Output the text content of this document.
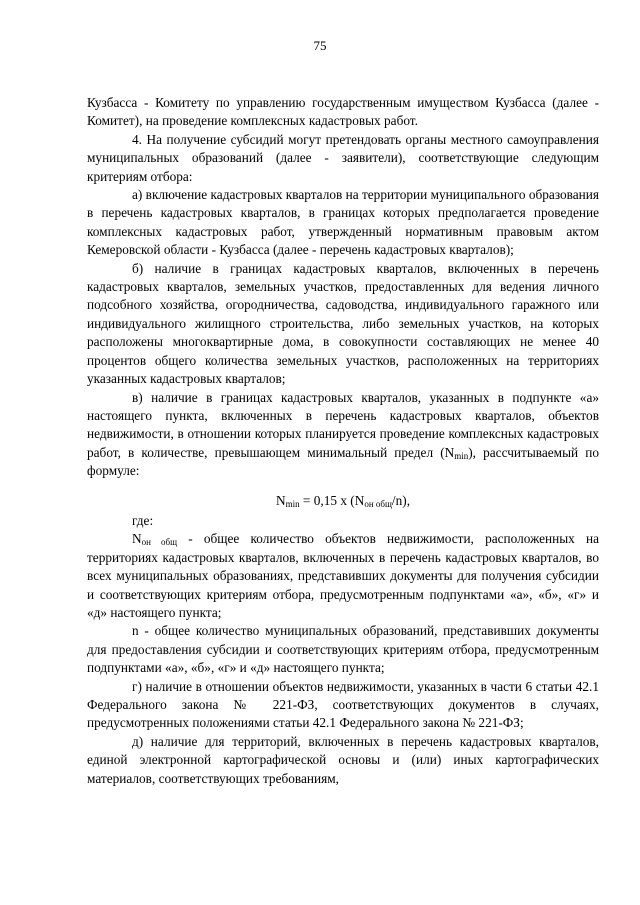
75

Кузбасса - Комитету по управлению государственным имуществом Кузбасса (далее - Комитет), на проведение комплексных кадастровых работ.

4. На получение субсидий могут претендовать органы местного самоуправления муниципальных образований (далее - заявители), соответствующие следующим критериям отбора:

а) включение кадастровых кварталов на территории муниципального образования в перечень кадастровых кварталов, в границах которых предполагается проведение комплексных кадастровых работ, утвержденный нормативным правовым актом Кемеровской области - Кузбасса (далее - перечень кадастровых кварталов);

б) наличие в границах кадастровых кварталов, включенных в перечень кадастровых кварталов, земельных участков, предоставленных для ведения личного подсобного хозяйства, огородничества, садоводства, индивидуального гаражного или индивидуального жилищного строительства, либо земельных участков, на которых расположены многоквартирные дома, в совокупности составляющих не менее 40 процентов общего количества земельных участков, расположенных на территориях указанных кадастровых кварталов;

в) наличие в границах кадастровых кварталов, указанных в подпункте «а» настоящего пункта, включенных в перечень кадастровых кварталов, объектов недвижимости, в отношении которых планируется проведение комплексных кадастровых работ, в количестве, превышающем минимальный предел $(N_{min})$, рассчитываемый по формуле:

$N_{min} = 0,15$ x $(N_{он общ}/n)$,

где:

$N_{он общ}$ - общее количество объектов недвижимости, расположенных на территориях кадастровых кварталов, включенных в перечень кадастровых кварталов, во всех муниципальных образованиях, представивших документы для получения субсидии и соответствующих критериям отбора, предусмотренным подпунктами «а», «б», «г» и «д» настоящего пункта;

n - общее количество муниципальных образований, представивших документы для предоставления субсидии и соответствующих критериям отбора, предусмотренным подпунктами «а», «б», «г» и «д» настоящего пункта;

г) наличие в отношении объектов недвижимости, указанных в части 6 статьи 42.1 Федерального закона № 221-ФЗ, соответствующих документов в случаях, предусмотренных положениями статьи 42.1 Федерального закона № 221-ФЗ;

д) наличие для территорий, включенных в перечень кадастровых кварталов, единой электронной картографической основы и (или) иных картографических материалов, соответствующих требованиям,
